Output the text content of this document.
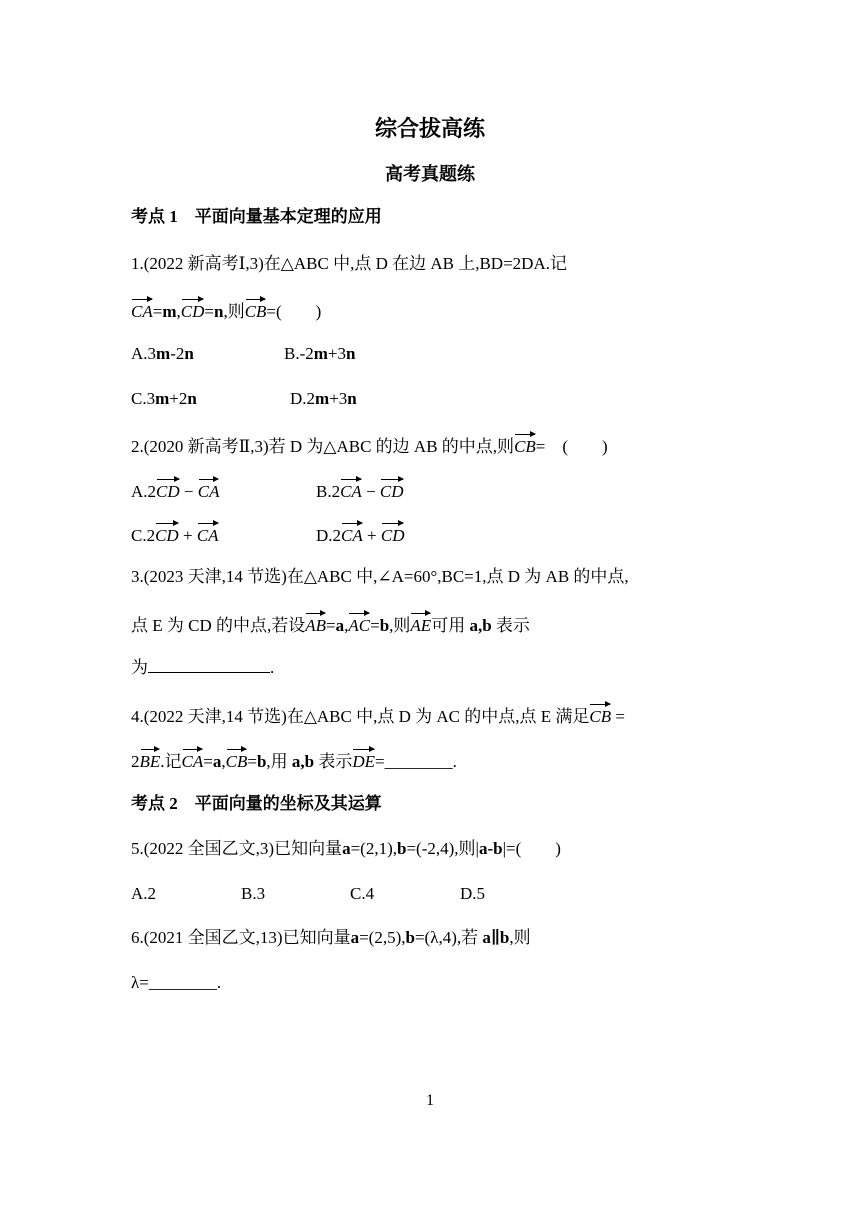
综合拔高练
高考真题练
考点 1　平面向量基本定理的应用
1.(2022 新高考Ⅰ,3)在△ABC 中,点 D 在边 AB 上,BD=2DA.记
CA=m,CD=n,则CB=(　　)
A.3m-2n	B.-2m+3n
C.3m+2n	D.2m+3n
2.(2020 新高考Ⅱ,3)若 D 为△ABC 的边 AB 的中点,则CB=　(　　)
A.2CD − CA	B.2CA − CD
C.2CD + CA	D.2CA + CD
3.(2023 天津,14 节选)在△ABC 中,∠A=60°,BC=1,点 D 为 AB 的中点,
点 E 为 CD 的中点,若设AB=a,AC=b,则AE可用 a,b 表示
为	.
4.(2022 天津,14 节选)在△ABC 中,点 D 为 AC 的中点,点 E 满足CB =
2BE.记CA=a,CB=b,用 a,b 表示DE=________.
考点 2　平面向量的坐标及其运算
5.(2022 全国乙文,3)已知向量a=(2,1),b=(-2,4),则|a-b|=(　　)
A.2	B.3	C.4	D.5
6.(2021 全国乙文,13)已知向量a=(2,5),b=(λ,4),若 a∥b,则
λ=________.
1
